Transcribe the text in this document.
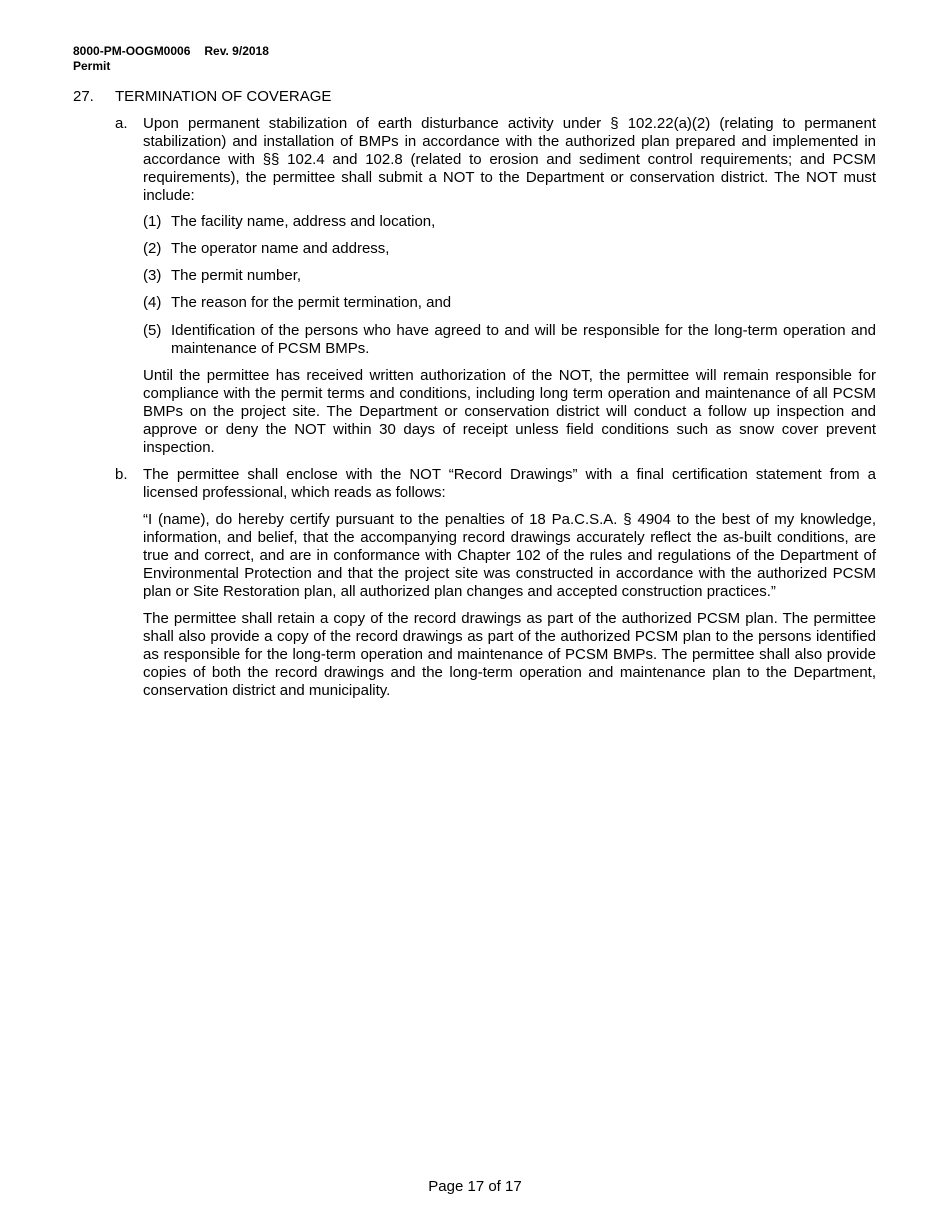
8000-PM-OOGM0006 Rev. 9/2018
Permit
27. TERMINATION OF COVERAGE
a. Upon permanent stabilization of earth disturbance activity under § 102.22(a)(2) (relating to permanent stabilization) and installation of BMPs in accordance with the authorized plan prepared and implemented in accordance with §§ 102.4 and 102.8 (related to erosion and sediment control requirements; and PCSM requirements), the permittee shall submit a NOT to the Department or conservation district. The NOT must include:
(1) The facility name, address and location,
(2) The operator name and address,
(3) The permit number,
(4) The reason for the permit termination, and
(5) Identification of the persons who have agreed to and will be responsible for the long-term operation and maintenance of PCSM BMPs.
Until the permittee has received written authorization of the NOT, the permittee will remain responsible for compliance with the permit terms and conditions, including long term operation and maintenance of all PCSM BMPs on the project site. The Department or conservation district will conduct a follow up inspection and approve or deny the NOT within 30 days of receipt unless field conditions such as snow cover prevent inspection.
b. The permittee shall enclose with the NOT “Record Drawings” with a final certification statement from a licensed professional, which reads as follows:
“I (name), do hereby certify pursuant to the penalties of 18 Pa.C.S.A. § 4904 to the best of my knowledge, information, and belief, that the accompanying record drawings accurately reflect the as-built conditions, are true and correct, and are in conformance with Chapter 102 of the rules and regulations of the Department of Environmental Protection and that the project site was constructed in accordance with the authorized PCSM plan or Site Restoration plan, all authorized plan changes and accepted construction practices.”
The permittee shall retain a copy of the record drawings as part of the authorized PCSM plan. The permittee shall also provide a copy of the record drawings as part of the authorized PCSM plan to the persons identified as responsible for the long-term operation and maintenance of PCSM BMPs. The permittee shall also provide copies of both the record drawings and the long-term operation and maintenance plan to the Department, conservation district and municipality.
Page 17 of 17
